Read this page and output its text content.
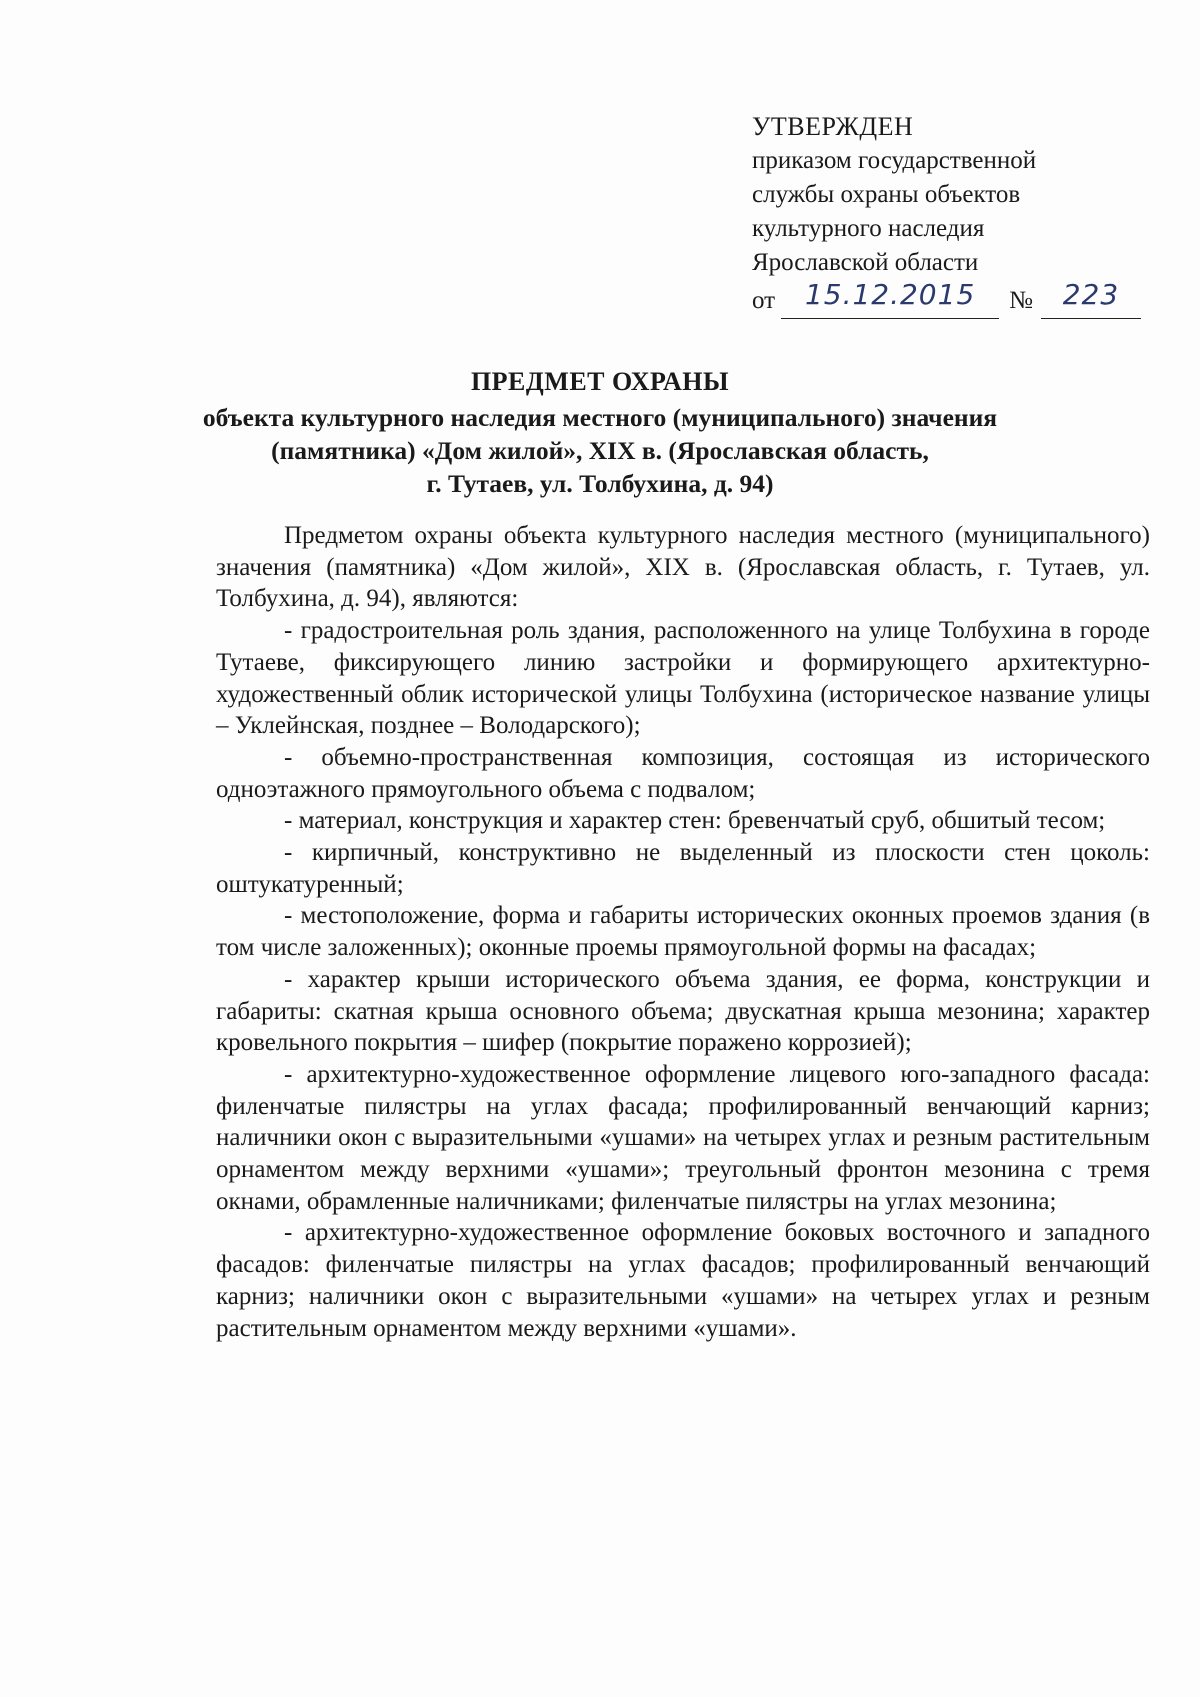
УТВЕРЖДЕН
приказом государственной
службы охраны объектов
культурного наследия
Ярославской области
от 15.12.2015 № 223
ПРЕДМЕТ ОХРАНЫ
объекта культурного наследия местного (муниципального) значения
(памятника) «Дом жилой», XIX в. (Ярославская область,
г. Тутаев, ул. Толбухина, д. 94)

Предметом охраны объекта культурного наследия местного (муниципального) значения (памятника) «Дом жилой», XIX в. (Ярославская область, г. Тутаев, ул. Толбухина, д. 94), являются:

- градостроительная роль здания, расположенного на улице Толбухина в городе Тутаеве, фиксирующего линию застройки и формирующего архитектурно-художественный облик исторической улицы Толбухина (историческое название улицы – Уклейнская, позднее – Володарского);

- объемно-пространственная композиция, состоящая из исторического одноэтажного прямоугольного объема с подвалом;

- материал, конструкция и характер стен: бревенчатый сруб, обшитый тесом;

- кирпичный, конструктивно не выделенный из плоскости стен цоколь: оштукатуренный;

- местоположение, форма и габариты исторических оконных проемов здания (в том числе заложенных); оконные проемы прямоугольной формы на фасадах;

- характер крыши исторического объема здания, ее форма, конструкции и габариты: скатная крыша основного объема; двускатная крыша мезонина; характер кровельного покрытия – шифер (покрытие поражено коррозией);

- архитектурно-художественное оформление лицевого юго-западного фасада: филенчатые пилястры на углах фасада; профилированный венчающий карниз; наличники окон с выразительными «ушами» на четырех углах и резным растительным орнаментом между верхними «ушами»; треугольный фронтон мезонина с тремя окнами, обрамленные наличниками; филенчатые пилястры на углах мезонина;

- архитектурно-художественное оформление боковых восточного и западного фасадов: филенчатые пилястры на углах фасадов; профилированный венчающий карниз; наличники окон с выразительными «ушами» на четырех углах и резным растительным орнаментом между верхними «ушами».
